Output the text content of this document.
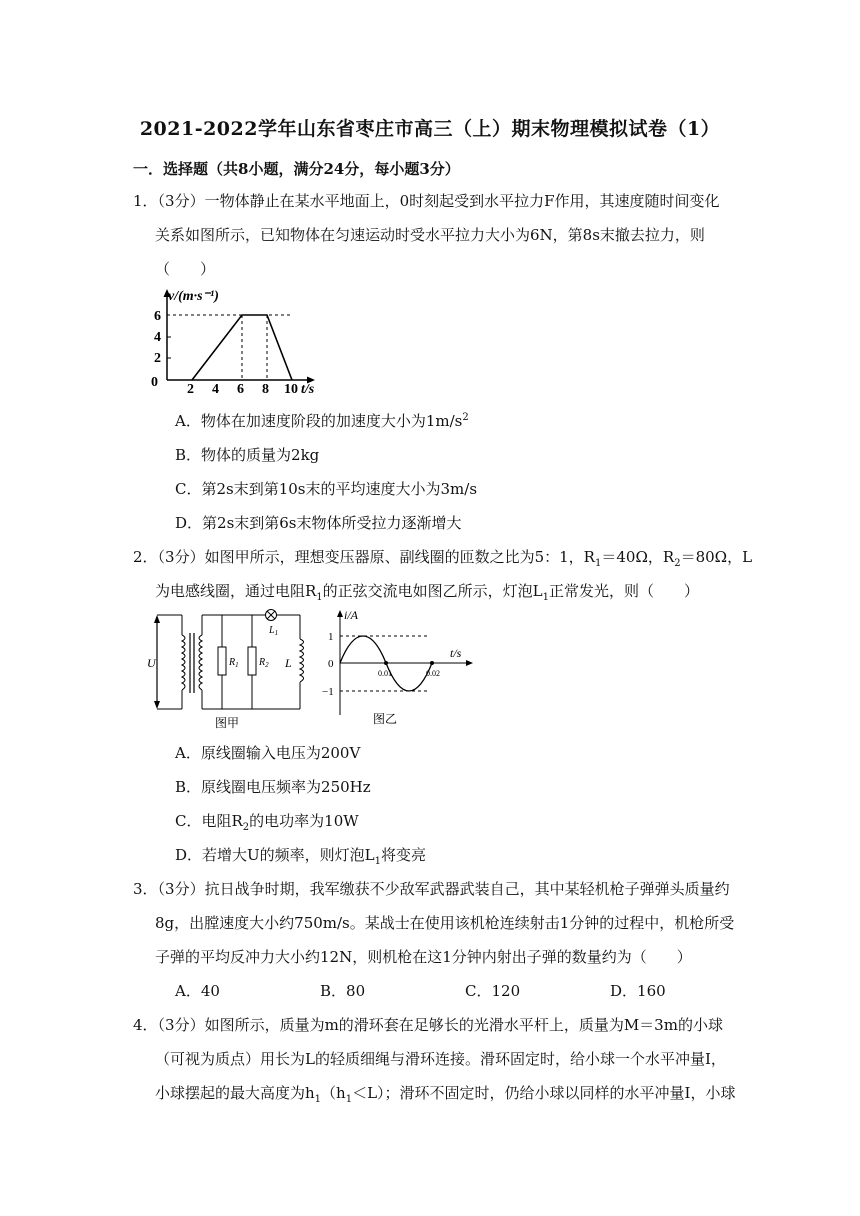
2021-2022学年山东省枣庄市高三（上）期末物理模拟试卷（1）
一．选择题（共8小题，满分24分，每小题3分）
1．（3分）一物体静止在某水平地面上，0时刻起受到水平拉力F作用，其速度随时间变化
关系如图所示，已知物体在匀速运动时受水平拉力大小为6N，第8s末撤去拉力，则
（　　）
v/(m·s⁻¹)
6
4
2
0 2 4 6 8 10 t/s
A．物体在加速度阶段的加速度大小为$1m/s^2$
B．物体的质量为2kg
C．第2s末到第10s末的平均速度大小为3m/s
D．第2s末到第6s末物体所受拉力逐渐增大
2．（3分）如图甲所示，理想变压器原、副线圈的匝数之比为5：1，$R_1=40\Omega$，$R_2=80\Omega$，L
为电感线圈，通过电阻$R_1$的正弦交流电如图乙所示，灯泡$L_1$正常发光，则（　　）
U
$L_1$
$R_1$ $R_2$ L
图甲
i/A
t/s
1
0
−1
0.01	0.02
图乙
A．原线圈输入电压为200V
B．原线圈电压频率为250Hz
C．电阻$R_2$的电功率为10W
D．若增大U的频率，则灯泡$L_1$将变亮
3．（3分）抗日战争时期，我军缴获不少敌军武器武装自己，其中某轻机枪子弹弹头质量约
8g，出膛速度大小约750m/s。某战士在使用该机枪连续射击1分钟的过程中，机枪所受
子弹的平均反冲力大小约12N，则机枪在这1分钟内射出子弹的数量约为（　　）
A．40	B．80	C．120	D．160
4．（3分）如图所示，质量为m的滑环套在足够长的光滑水平杆上，质量为M＝3m的小球
（可视为质点）用长为L的轻质细绳与滑环连接。滑环固定时，给小球一个水平冲量I，
小球摆起的最大高度为$h_1(h_1<L)$；滑环不固定时，仍给小球以同样的水平冲量I，小球
